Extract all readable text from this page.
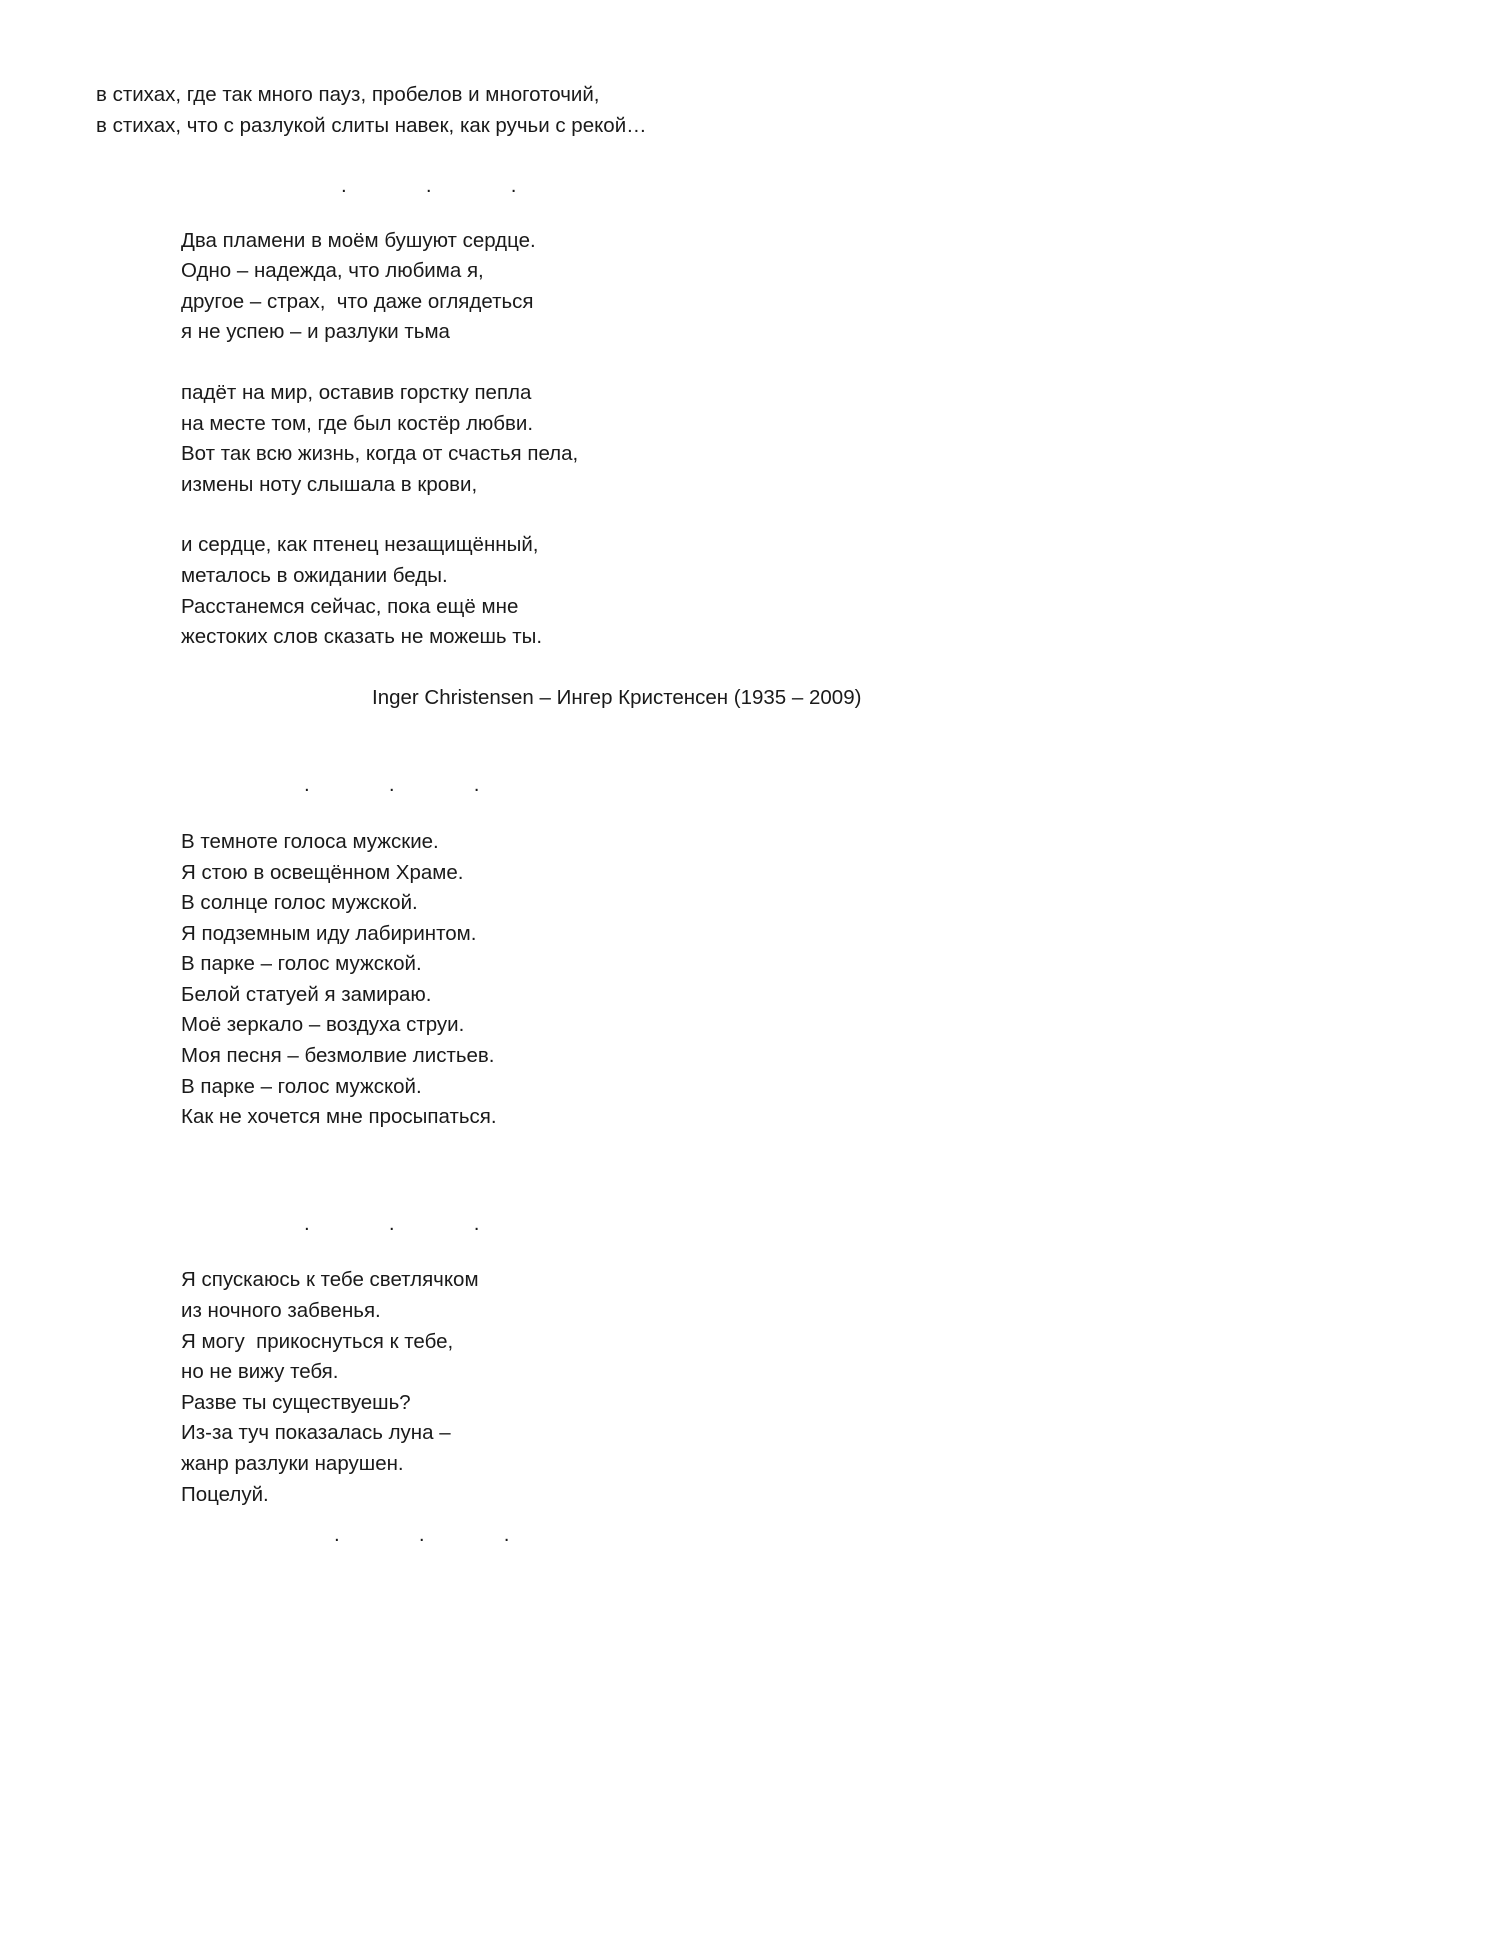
в стихах, где так много пауз, пробелов и многоточий,
в стихах, что с разлукой слиты навек, как ручьи с рекой…
.    .    .
Два пламени в моём бушуют сердце.
Одно – надежда, что любима я,
другое – страх,  что даже оглядеться
я не успею – и разлуки тьма
падёт на мир, оставив горстку пепла
на месте том, где был костёр любви.
Вот так всю жизнь, когда от счастья пела,
измены ноту слышала в крови,
и сердце, как птенец незащищённый,
металось в ожидании беды.
Расстанемся сейчас, пока ещё мне
жестоких слов сказать не можешь ты.
Inger Christensen – Ингер Кристенсен (1935 – 2009)
.    .    .
В темноте голоса мужские.
Я стою в освещённом Храме.
В солнце голос мужской.
Я подземным иду лабиринтом.
В парке – голос мужской.
Белой статуей я замираю.
Моё зеркало – воздуха струи.
Моя песня – безмолвие листьев.
В парке – голос мужской.
Как не хочется мне просыпаться.
.    .    .
Я спускаюсь к тебе светлячком
из ночного забвенья.
Я могу  прикоснуться к тебе,
но не вижу тебя.
Разве ты существуешь?
Из-за туч показалась луна –
жанр разлуки нарушен.
Поцелуй.
.    .    .
